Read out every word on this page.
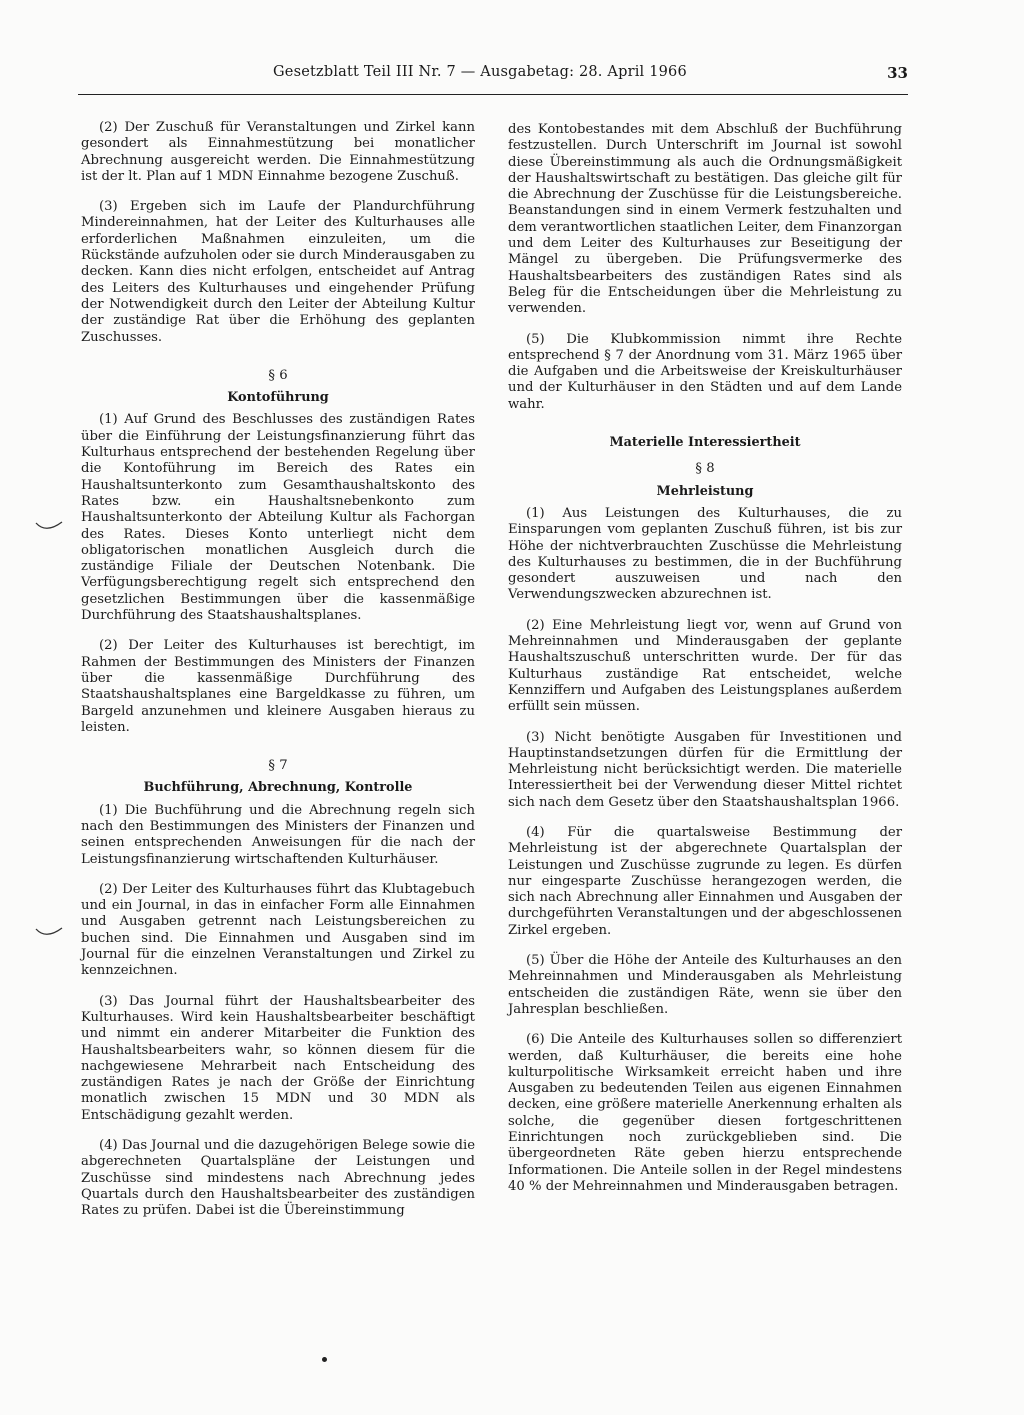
Gesetzblatt Teil III Nr. 7 — Ausgabetag: 28. April 1966	33

(2) Der Zuschuß für Veranstaltungen und Zirkel kann gesondert als Einnahmestützung bei monatlicher Abrechnung ausgereicht werden. Die Einnahmestützung ist der lt. Plan auf 1 MDN Einnahme bezogene Zuschuß.

(3) Ergeben sich im Laufe der Plandurchführung Mindereinnahmen, hat der Leiter des Kulturhauses alle erforderlichen Maßnahmen einzuleiten, um die Rückstände aufzuholen oder sie durch Minderausgaben zu decken. Kann dies nicht erfolgen, entscheidet auf Antrag des Leiters des Kulturhauses und eingehender Prüfung der Notwendigkeit durch den Leiter der Abteilung Kultur der zuständige Rat über die Erhöhung des geplanten Zuschusses.

§ 6
Kontoführung

(1) Auf Grund des Beschlusses des zuständigen Rates über die Einführung der Leistungsfinanzierung führt das Kulturhaus entsprechend der bestehenden Regelung über die Kontoführung im Bereich des Rates ein Haushaltsunterkonto zum Gesamthaushaltskonto des Rates bzw. ein Haushaltsnebenkonto zum Haushaltsunterkonto der Abteilung Kultur als Fachorgan des Rates. Dieses Konto unterliegt nicht dem obligatorischen monatlichen Ausgleich durch die zuständige Filiale der Deutschen Notenbank. Die Verfügungsberechtigung regelt sich entsprechend den gesetzlichen Bestimmungen über die kassenmäßige Durchführung des Staatshaushaltsplanes.

(2) Der Leiter des Kulturhauses ist berechtigt, im Rahmen der Bestimmungen des Ministers der Finanzen über die kassenmäßige Durchführung des Staatshaushaltsplanes eine Bargeldkasse zu führen, um Bargeld anzunehmen und kleinere Ausgaben hieraus zu leisten.

§ 7
Buchführung, Abrechnung, Kontrolle

(1) Die Buchführung und die Abrechnung regeln sich nach den Bestimmungen des Ministers der Finanzen und seinen entsprechenden Anweisungen für die nach der Leistungsfinanzierung wirtschaftenden Kulturhäuser.

(2) Der Leiter des Kulturhauses führt das Klubtagebuch und ein Journal, in das in einfacher Form alle Einnahmen und Ausgaben getrennt nach Leistungsbereichen zu buchen sind. Die Einnahmen und Ausgaben sind im Journal für die einzelnen Veranstaltungen und Zirkel zu kennzeichnen.

(3) Das Journal führt der Haushaltsbearbeiter des Kulturhauses. Wird kein Haushaltsbearbeiter beschäftigt und nimmt ein anderer Mitarbeiter die Funktion des Haushaltsbearbeiters wahr, so können diesem für die nachgewiesene Mehrarbeit nach Entscheidung des zuständigen Rates je nach der Größe der Einrichtung monatlich zwischen 15 MDN und 30 MDN als Entschädigung gezahlt werden.

(4) Das Journal und die dazugehörigen Belege sowie die abgerechneten Quartalspläne der Leistungen und Zuschüsse sind mindestens nach Abrechnung jedes Quartals durch den Haushaltsbearbeiter des zuständigen Rates zu prüfen. Dabei ist die Übereinstimmung

des Kontobestandes mit dem Abschluß der Buchführung festzustellen. Durch Unterschrift im Journal ist sowohl diese Übereinstimmung als auch die Ordnungsmäßigkeit der Haushaltswirtschaft zu bestätigen. Das gleiche gilt für die Abrechnung der Zuschüsse für die Leistungsbereiche. Beanstandungen sind in einem Vermerk festzuhalten und dem verantwortlichen staatlichen Leiter, dem Finanzorgan und dem Leiter des Kulturhauses zur Beseitigung der Mängel zu übergeben. Die Prüfungsvermerke des Haushaltsbearbeiters des zuständigen Rates sind als Beleg für die Entscheidungen über die Mehrleistung zu verwenden.

(5) Die Klubkommission nimmt ihre Rechte entsprechend § 7 der Anordnung vom 31. März 1965 über die Aufgaben und die Arbeitsweise der Kreiskulturhäuser und der Kulturhäuser in den Städten und auf dem Lande wahr.

Materielle Interessiertheit
§ 8
Mehrleistung

(1) Aus Leistungen des Kulturhauses, die zu Einsparungen vom geplanten Zuschuß führen, ist bis zur Höhe der nichtverbrauchten Zuschüsse die Mehrleistung des Kulturhauses zu bestimmen, die in der Buchführung gesondert auszuweisen und nach den Verwendungszwecken abzurechnen ist.

(2) Eine Mehrleistung liegt vor, wenn auf Grund von Mehreinnahmen und Minderausgaben der geplante Haushaltszuschuß unterschritten wurde. Der für das Kulturhaus zuständige Rat entscheidet, welche Kennziffern und Aufgaben des Leistungsplanes außerdem erfüllt sein müssen.

(3) Nicht benötigte Ausgaben für Investitionen und Hauptinstandsetzungen dürfen für die Ermittlung der Mehrleistung nicht berücksichtigt werden. Die materielle Interessiertheit bei der Verwendung dieser Mittel richtet sich nach dem Gesetz über den Staatshaushaltsplan 1966.

(4) Für die quartalsweise Bestimmung der Mehrleistung ist der abgerechnete Quartalsplan der Leistungen und Zuschüsse zugrunde zu legen. Es dürfen nur eingesparte Zuschüsse herangezogen werden, die sich nach Abrechnung aller Einnahmen und Ausgaben der durchgeführten Veranstaltungen und der abgeschlossenen Zirkel ergeben.

(5) Über die Höhe der Anteile des Kulturhauses an den Mehreinnahmen und Minderausgaben als Mehrleistung entscheiden die zuständigen Räte, wenn sie über den Jahresplan beschließen.

(6) Die Anteile des Kulturhauses sollen so differenziert werden, daß Kulturhäuser, die bereits eine hohe kulturpolitische Wirksamkeit erreicht haben und ihre Ausgaben zu bedeutenden Teilen aus eigenen Einnahmen decken, eine größere materielle Anerkennung erhalten als solche, die gegenüber diesen fortgeschrittenen Einrichtungen noch zurückgeblieben sind. Die übergeordneten Räte geben hierzu entsprechende Informationen. Die Anteile sollen in der Regel mindestens 40 % der Mehreinnahmen und Minderausgaben betragen.
